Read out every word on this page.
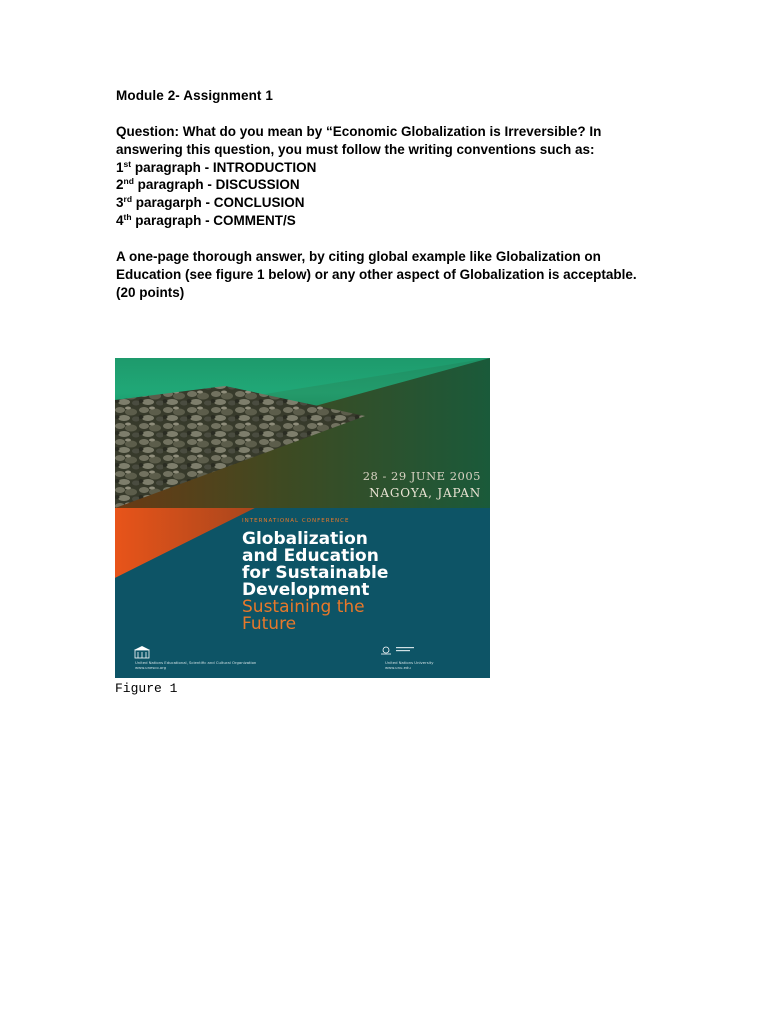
Module 2- Assignment 1
Question: What do you mean by “Economic Globalization is Irreversible? In
answering this question, you must follow the writing conventions such as:
1st paragraph - INTRODUCTION
2nd paragraph - DISCUSSION
3rd paragarph - CONCLUSION
4th paragraph - COMMENT/S
A one-page thorough answer, by citing global example like Globalization on
Education (see figure 1 below) or any other aspect of Globalization is acceptable.
(20 points)
28 - 29 JUNE 2005
NAGOYA, JAPAN
INTERNATIONAL CONFERENCE
Globalization
and Education
for Sustainable
Development
Sustaining the
Future
United Nations Educational, Scientific and Cultural Organization
www.unesco.org
United Nations University
www.unu.edu
Figure 1
